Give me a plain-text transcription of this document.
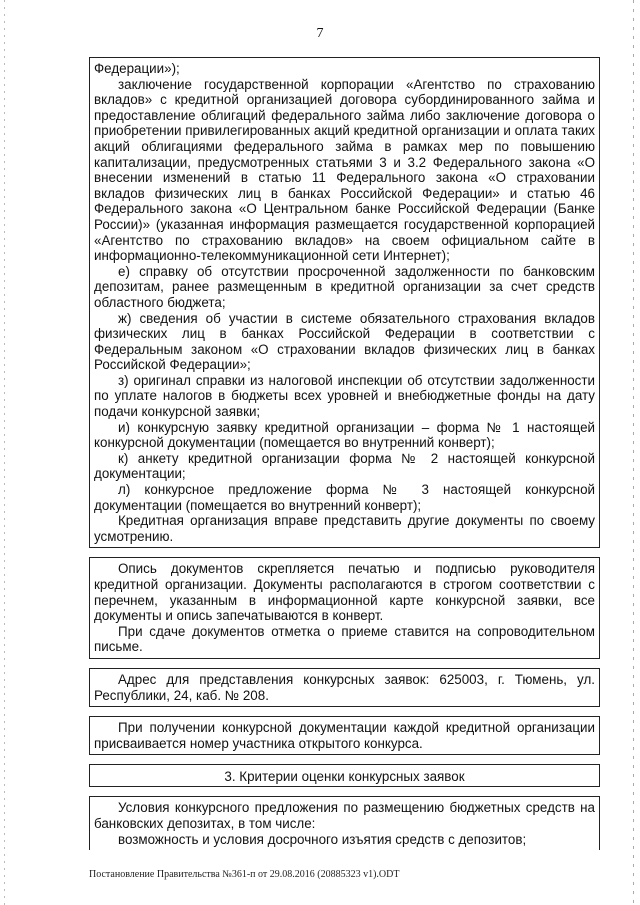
7

Федерации»);

заключение государственной корпорации «Агентство по страхованию вкладов» с кредитной организацией договора субординированного займа и предоставление облигаций федерального займа либо заключение договора о приобретении привилегированных акций кредитной организации и оплата таких акций облигациями федерального займа в рамках мер по повышению капитализации, предусмотренных статьями 3 и 3.2 Федерального закона «О внесении изменений в статью 11 Федерального закона «О страховании вкладов физических лиц в банках Российской Федерации» и статью 46 Федерального закона «О Центральном банке Российской Федерации (Банке России)» (указанная информация размещается государственной корпорацией «Агентство по страхованию вкладов» на своем официальном сайте в информационно-телекоммуникационной сети Интернет);

е) справку об отсутствии просроченной задолженности по банковским депозитам, ранее размещенным в кредитной организации за счет средств областного бюджета;

ж) сведения об участии в системе обязательного страхования вкладов физических лиц в банках Российской Федерации в соответствии с Федеральным законом «О страховании вкладов физических лиц в банках Российской Федерации»;

з) оригинал справки из налоговой инспекции об отсутствии задолженности по уплате налогов в бюджеты всех уровней и внебюджетные фонды на дату подачи конкурсной заявки;

и) конкурсную заявку кредитной организации – форма № 1 настоящей конкурсной документации (помещается во внутренний конверт);

к) анкету кредитной организации форма № 2 настоящей конкурсной документации;

л) конкурсное предложение форма № 3 настоящей конкурсной документации (помещается во внутренний конверт);

Кредитная организация вправе представить другие документы по своему усмотрению.

Опись документов скрепляется печатью и подписью руководителя кредитной организации. Документы располагаются в строгом соответствии с перечнем, указанным в информационной карте конкурсной заявки, все документы и опись запечатываются в конверт.

При сдаче документов отметка о приеме ставится на сопроводительном письме.

Адрес для представления конкурсных заявок: 625003, г. Тюмень, ул. Республики, 24, каб. № 208.

При получении конкурсной документации каждой кредитной организации присваивается номер участника открытого конкурса.

3. Критерии оценки конкурсных заявок

Условия конкурсного предложения по размещению бюджетных средств на банковских депозитах, в том числе:

возможность и условия досрочного изъятия средств с депозитов;

Постановление Правительства №361-п от 29.08.2016 (20885323 v1).ODT
